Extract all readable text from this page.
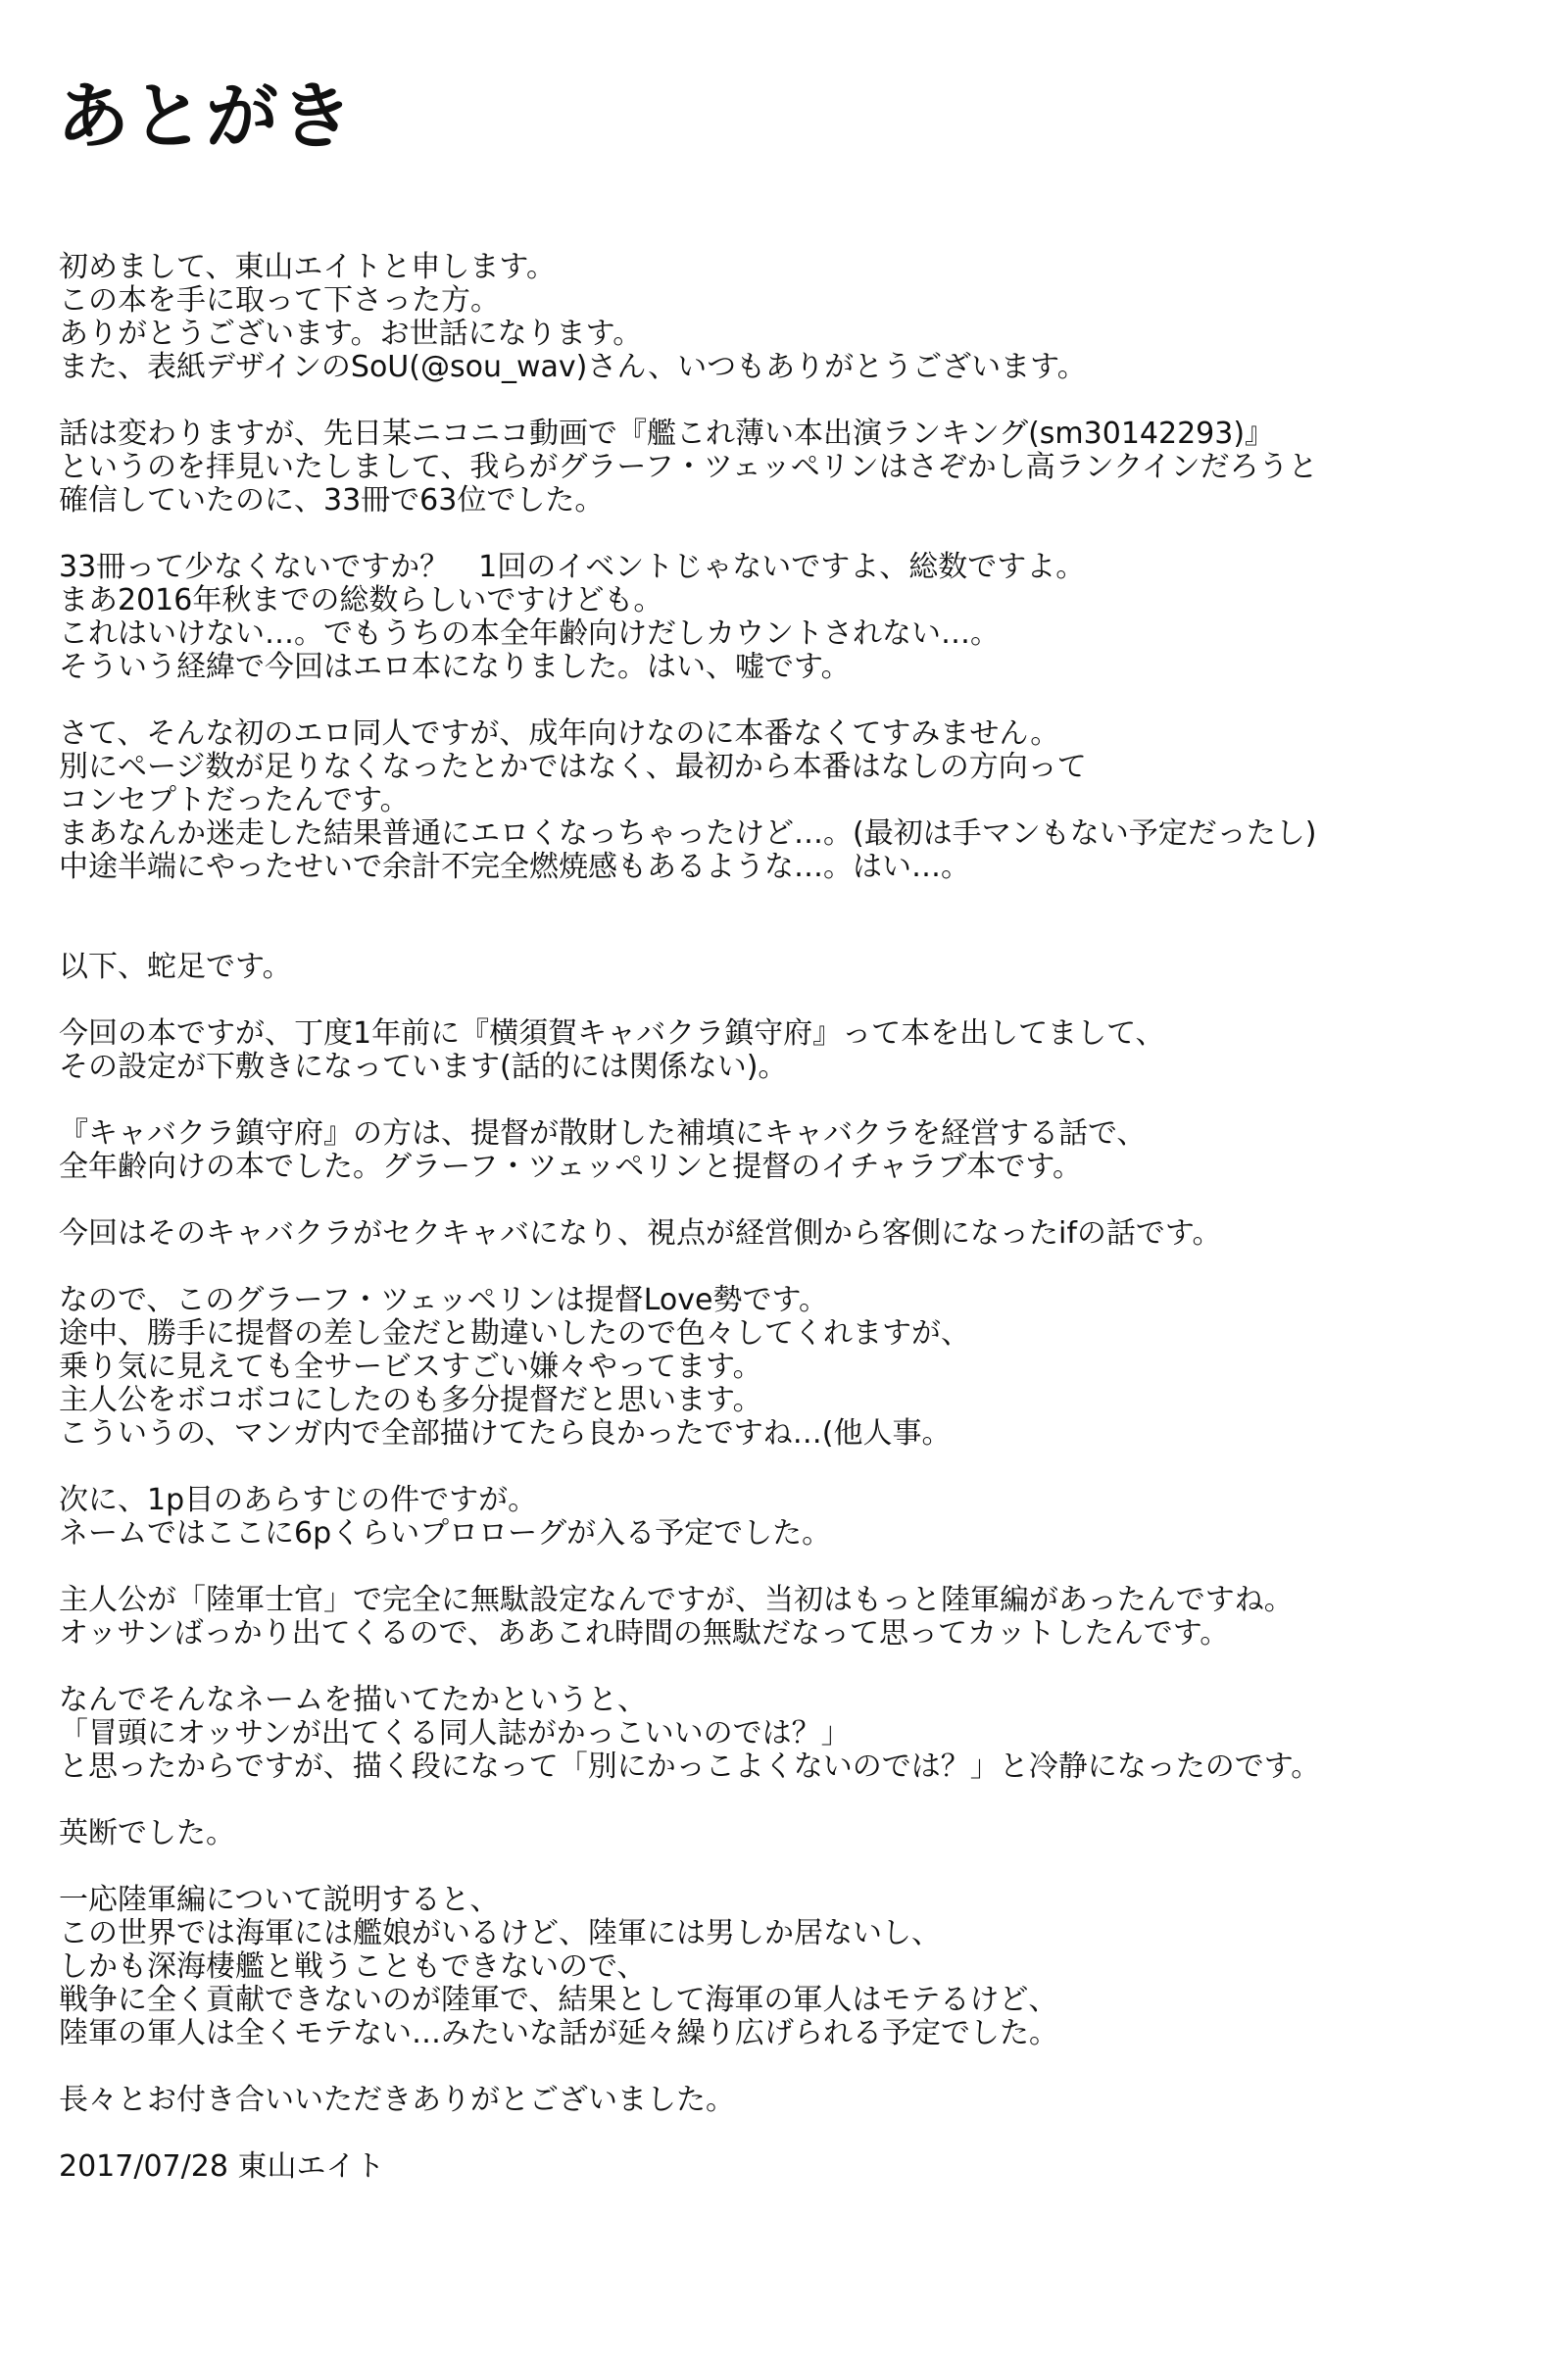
あとがき
初めまして、東山エイトと申します。
この本を手に取って下さった方。
ありがとうございます。お世話になります。
また、表紙デザインのSoU(@sou_wav)さん、いつもありがとうございます。
話は変わりますが、先日某ニコニコ動画で『艦これ薄い本出演ランキング(sm30142293)』
というのを拝見いたしまして、我らがグラーフ・ツェッペリンはさぞかし高ランクインだろうと
確信していたのに、33冊で63位でした。
33冊って少なくないですか？　1回のイベントじゃないですよ、総数ですよ。
まあ2016年秋までの総数らしいですけども。
これはいけない…。でもうちの本全年齢向けだしカウントされない…。
そういう経緯で今回はエロ本になりました。はい、嘘です。
さて、そんな初のエロ同人ですが、成年向けなのに本番なくてすみません。
別にページ数が足りなくなったとかではなく、最初から本番はなしの方向って
コンセプトだったんです。
まあなんか迷走した結果普通にエロくなっちゃったけど…。(最初は手マンもない予定だったし)
中途半端にやったせいで余計不完全燃焼感もあるような…。はい…。
以下、蛇足です。
今回の本ですが、丁度1年前に『横須賀キャバクラ鎮守府』って本を出してまして、
その設定が下敷きになっています(話的には関係ない)。
『キャバクラ鎮守府』の方は、提督が散財した補填にキャバクラを経営する話で、
全年齢向けの本でした。グラーフ・ツェッペリンと提督のイチャラブ本です。
今回はそのキャバクラがセクキャバになり、視点が経営側から客側になったifの話です。
なので、このグラーフ・ツェッペリンは提督Love勢です。
途中、勝手に提督の差し金だと勘違いしたので色々してくれますが、
乗り気に見えても全サービスすごい嫌々やってます。
主人公をボコボコにしたのも多分提督だと思います。
こういうの、マンガ内で全部描けてたら良かったですね…(他人事。
次に、1p目のあらすじの件ですが。
ネームではここに6pくらいプロローグが入る予定でした。
主人公が「陸軍士官」で完全に無駄設定なんですが、当初はもっと陸軍編があったんですね。
オッサンばっかり出てくるので、ああこれ時間の無駄だなって思ってカットしたんです。
なんでそんなネームを描いてたかというと、
「冒頭にオッサンが出てくる同人誌がかっこいいのでは？」
と思ったからですが、描く段になって「別にかっこよくないのでは？」と冷静になったのです。
英断でした。
一応陸軍編について説明すると、
この世界では海軍には艦娘がいるけど、陸軍には男しか居ないし、
しかも深海棲艦と戦うこともできないので、
戦争に全く貢献できないのが陸軍で、結果として海軍の軍人はモテるけど、
陸軍の軍人は全くモテない…みたいな話が延々繰り広げられる予定でした。
長々とお付き合いいただきありがとございました。
2017/07/28 東山エイト
